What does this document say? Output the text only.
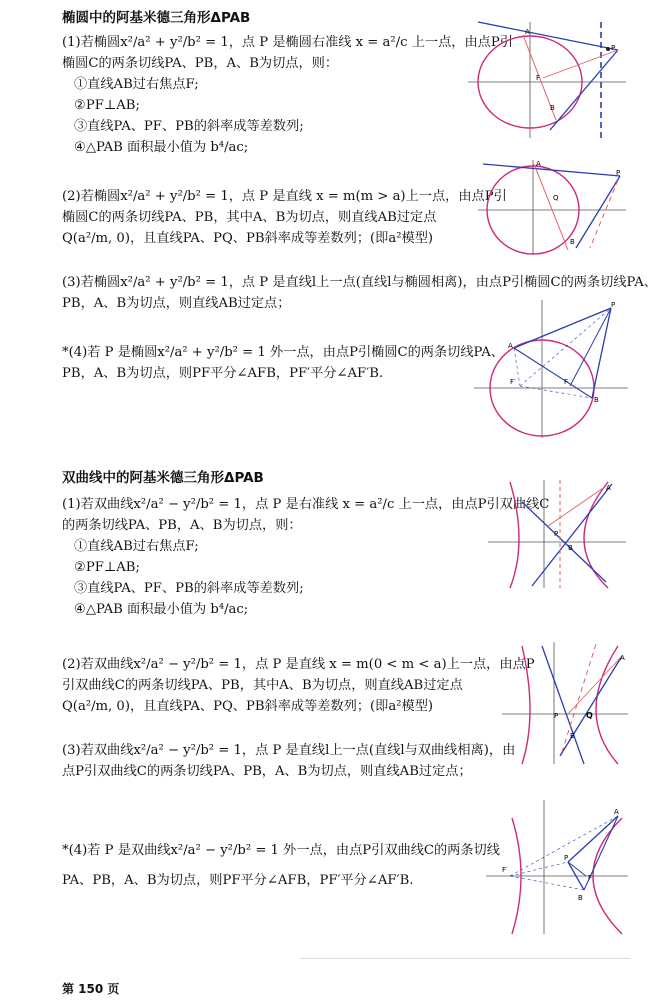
椭圆中的阿基米德三角形ΔPAB
(1)若椭圆x²/a² + y²/b² = 1，点 P 是椭圆右准线 x = a²/c 上一点，由点P引
椭圆C的两条切线PA、PB，A、B为切点，则：
①直线AB过右焦点F;
②PF⊥AB;
③直线PA、PF、PB的斜率成等差数列;
④△PAB 面积最小值为 b⁴/ac;
(2)若椭圆x²/a² + y²/b² = 1，点 P 是直线 x = m(m > a)上一点，由点P引
椭圆C的两条切线PA、PB，其中A、B为切点，则直线AB过定点
Q(a²/m, 0)，且直线PA、PQ、PB斜率成等差数列；(即a²模型)
(3)若椭圆x²/a² + y²/b² = 1，点 P 是直线l上一点(直线l与椭圆相离)，由点P引椭圆C的两条切线PA、
PB，A、B为切点，则直线AB过定点；
*(4)若 P 是椭圆x²/a² + y²/b² = 1 外一点，由点P引椭圆C的两条切线PA、
PB，A、B为切点，则PF平分∠AFB，PF′平分∠AF′B.
P
A
B
F
A
P
Q
B
P
A
F
F′
B
双曲线中的阿基米德三角形ΔPAB
(1)若双曲线x²/a² − y²/b² = 1，点 P 是右准线 x = a²/c 上一点，由点P引双曲线C
的两条切线PA、PB，A、B为切点，则：
①直线AB过右焦点F;
②PF⊥AB;
③直线PA、PF、PB的斜率成等差数列;
④△PAB 面积最小值为 b⁴/ac;
(2)若双曲线x²/a² − y²/b² = 1，点 P 是直线 x = m(0 < m < a)上一点，由点P
引双曲线C的两条切线PA、PB，其中A、B为切点，则直线AB过定点
Q(a²/m, 0)，且直线PA、PQ、PB斜率成等差数列；(即a²模型)
(3)若双曲线x²/a² − y²/b² = 1，点 P 是直线l上一点(直线l与双曲线相离)，由
点P引双曲线C的两条切线PA、PB，A、B为切点，则直线AB过定点；
*(4)若 P 是双曲线x²/a² − y²/b² = 1 外一点，由点P引双曲线C的两条切线
PA、PB，A、B为切点，则PF平分∠AFB，PF′平分∠AF′B.
P
B
A
P	Q
B
A
F′
P
F
B
A
第 150 页
